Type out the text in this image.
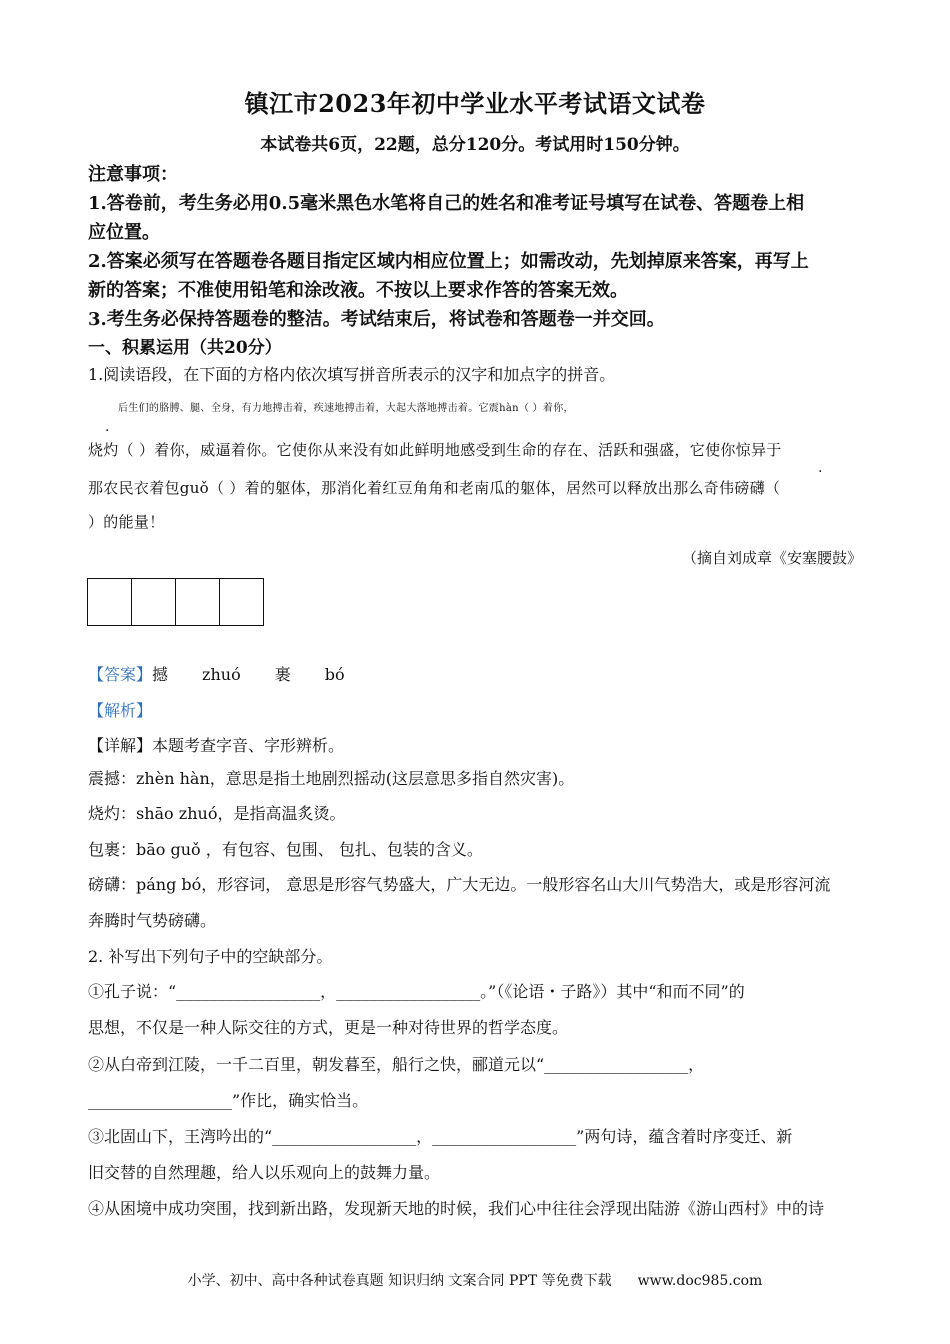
镇江市2023年初中学业水平考试语文试卷
本试卷共6页，22题，总分120分。考试用时150分钟。
注意事项：
1.答卷前，考生务必用0.5毫米黑色水笔将自己的姓名和准考证号填写在试卷、答题卷上相
应位置。
2.答案必须写在答题卷各题目指定区域内相应位置上；如需改动，先划掉原来答案，再写上
新的答案；不准使用铅笔和涂改液。不按以上要求作答的答案无效。
3.考生务必保持答题卷的整洁。考试结束后，将试卷和答题卷一并交回。
一、积累运用（共20分）
1.阅读语段，在下面的方格内依次填写拼音所表示的汉字和加点字的拼音。
后生们的胳膊、腿、全身，有力地搏击着，疾速地搏击着，大起大落地搏击着。它震hàn（ ）着你，
.
烧灼（ ）着你，威逼着你。它使你从来没有如此鲜明地感受到生命的存在、活跃和强盛，它使你惊异于
.
那农民衣着包guǒ（ ）着的躯体，那消化着红豆角角和老南瓜的躯体，居然可以释放出那么奇伟磅礴（
）的能量！
（摘自刘成章《安塞腰鼓》
【答案】撼 zhuó 裹 bó
【解析】
【详解】本题考查字音、字形辨析。
震撼：zhèn hàn，意思是指土地剧烈摇动(这层意思多指自然灾害)。
烧灼：shāo zhuó，是指高温炙烫。
包裹：bāo guǒ ，有包容、包围、 包扎、包装的含义。
磅礴：páng bó，形容词， 意思是形容气势盛大，广大无边。一般形容名山大川气势浩大，或是形容河流
奔腾时气势磅礴。
2. 补写出下列句子中的空缺部分。
①孔子说：“__________________，__________________。”（《论语・子路》）其中“和而不同”的
思想，不仅是一种人际交往的方式，更是一种对待世界的哲学态度。
②从白帝到江陵，一千二百里，朝发暮至，船行之快，郦道元以“__________________，
__________________”作比，确实恰当。
③北固山下，王湾吟出的“__________________，__________________”两句诗，蕴含着时序变迁、新
旧交替的自然理趣，给人以乐观向上的鼓舞力量。
④从困境中成功突围，找到新出路，发现新天地的时候，我们心中往往会浮现出陆游《游山西村》中的诗
小学、初中、高中各种试卷真题 知识归纳 文案合同 PPT 等免费下载 www.doc985.com
